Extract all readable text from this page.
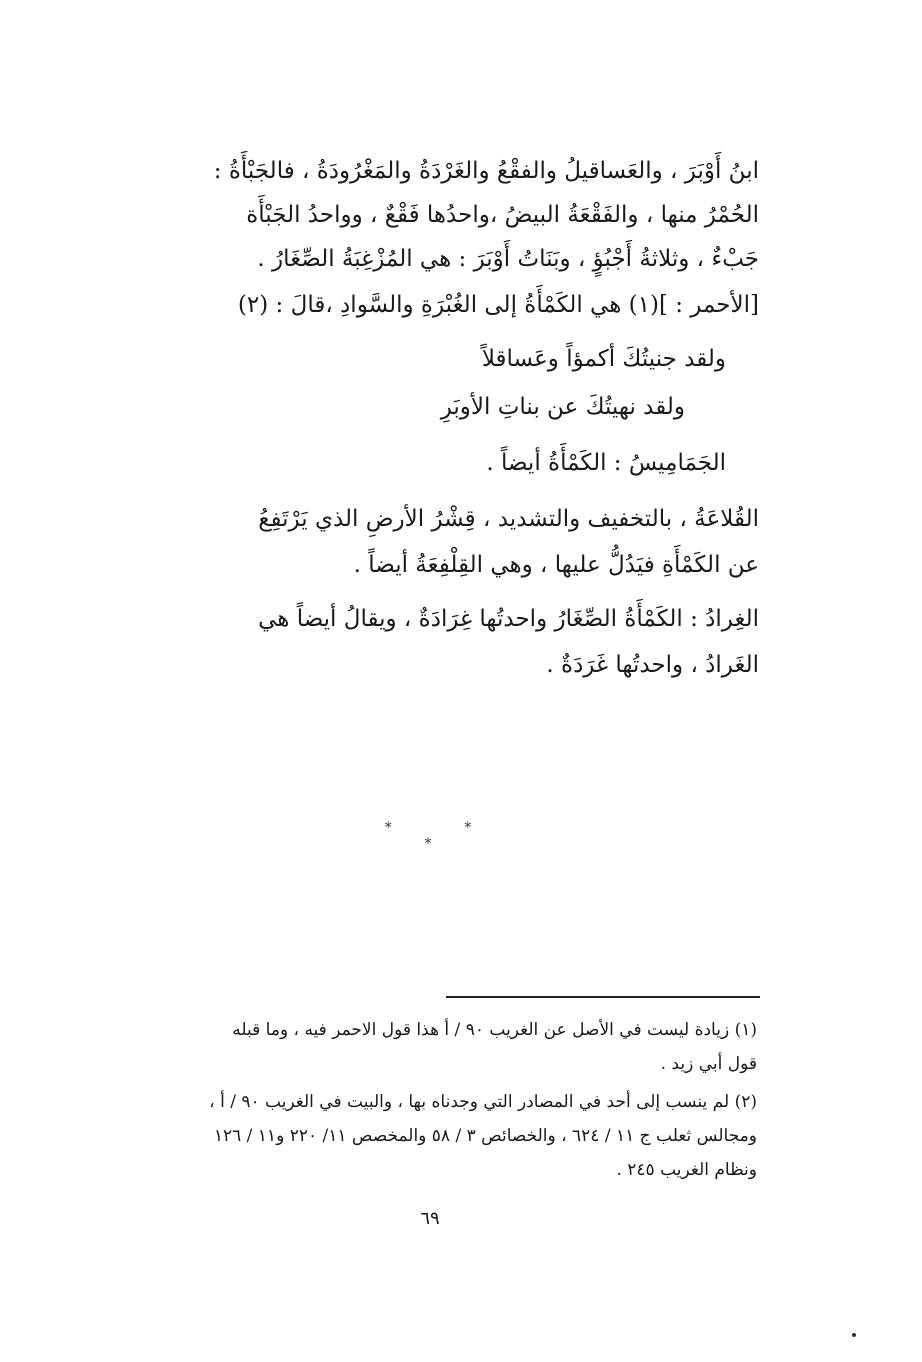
ابنُ أَوْبَرَ ، والعَساقيلُ والفقْعُ والغَرْدَةُ والمَغْرُودَةُ ، فالجَبْأَةُ :
الحُمْرُ منها ، والفَقْعَةُ البيضُ ،واحدُها فَقْعٌ ، وواحدُ الجَبْأَة
جَبْءٌ ، وثلاثةُ أَجْبُؤٍ ، وبَنَاتُ أَوْبَرَ : هي المُزْغِبَةُ الصِّغَارُ .
[الأحمر : ](١) هي الكَمْأَةُ إلى الغُبْرَةِ والسَّوادِ ،قالَ : (٢)
ولقد جنيتُكَ أكمؤاً وعَساقلاً
ولقد نهيتُكَ عن بناتِ الأوبَرِ
الجَمَامِيسُ : الكَمْأَةُ أيضاً .
القُلاعَةُ ، بالتخفيف والتشديد ، قِشْرُ الأرضِ الذي يَرْتَفِعُ
عن الكَمْأَةِ فيَدُلُّ عليها ، وهي القِلْفِعَةُ أيضاً .
الغِرادُ : الكَمْأَةُ الصِّغَارُ واحدتُها غِرَادَةٌ ، ويقالُ أيضاً هي
الغَرادُ ، واحدتُها غَرَدَةٌ .
* * *
(١) زيادة ليست في الأصل عن الغريب ٩٠ / أ هذا قول الاحمر فيه ، وما قبله
قول أبي زيد .
(٢) لم ينسب إلى أحد في المصادر التي وجدناه بها ، والبيت في الغريب ٩٠ / أ ،
ومجالس ثعلب ج ١١ / ٦٢٤ ، والخصائص ٣ / ٥٨ والمخصص ١١/ ٢٢٠ و١١ / ١٢٦
ونظام الغريب ٢٤٥ .
٦٩
